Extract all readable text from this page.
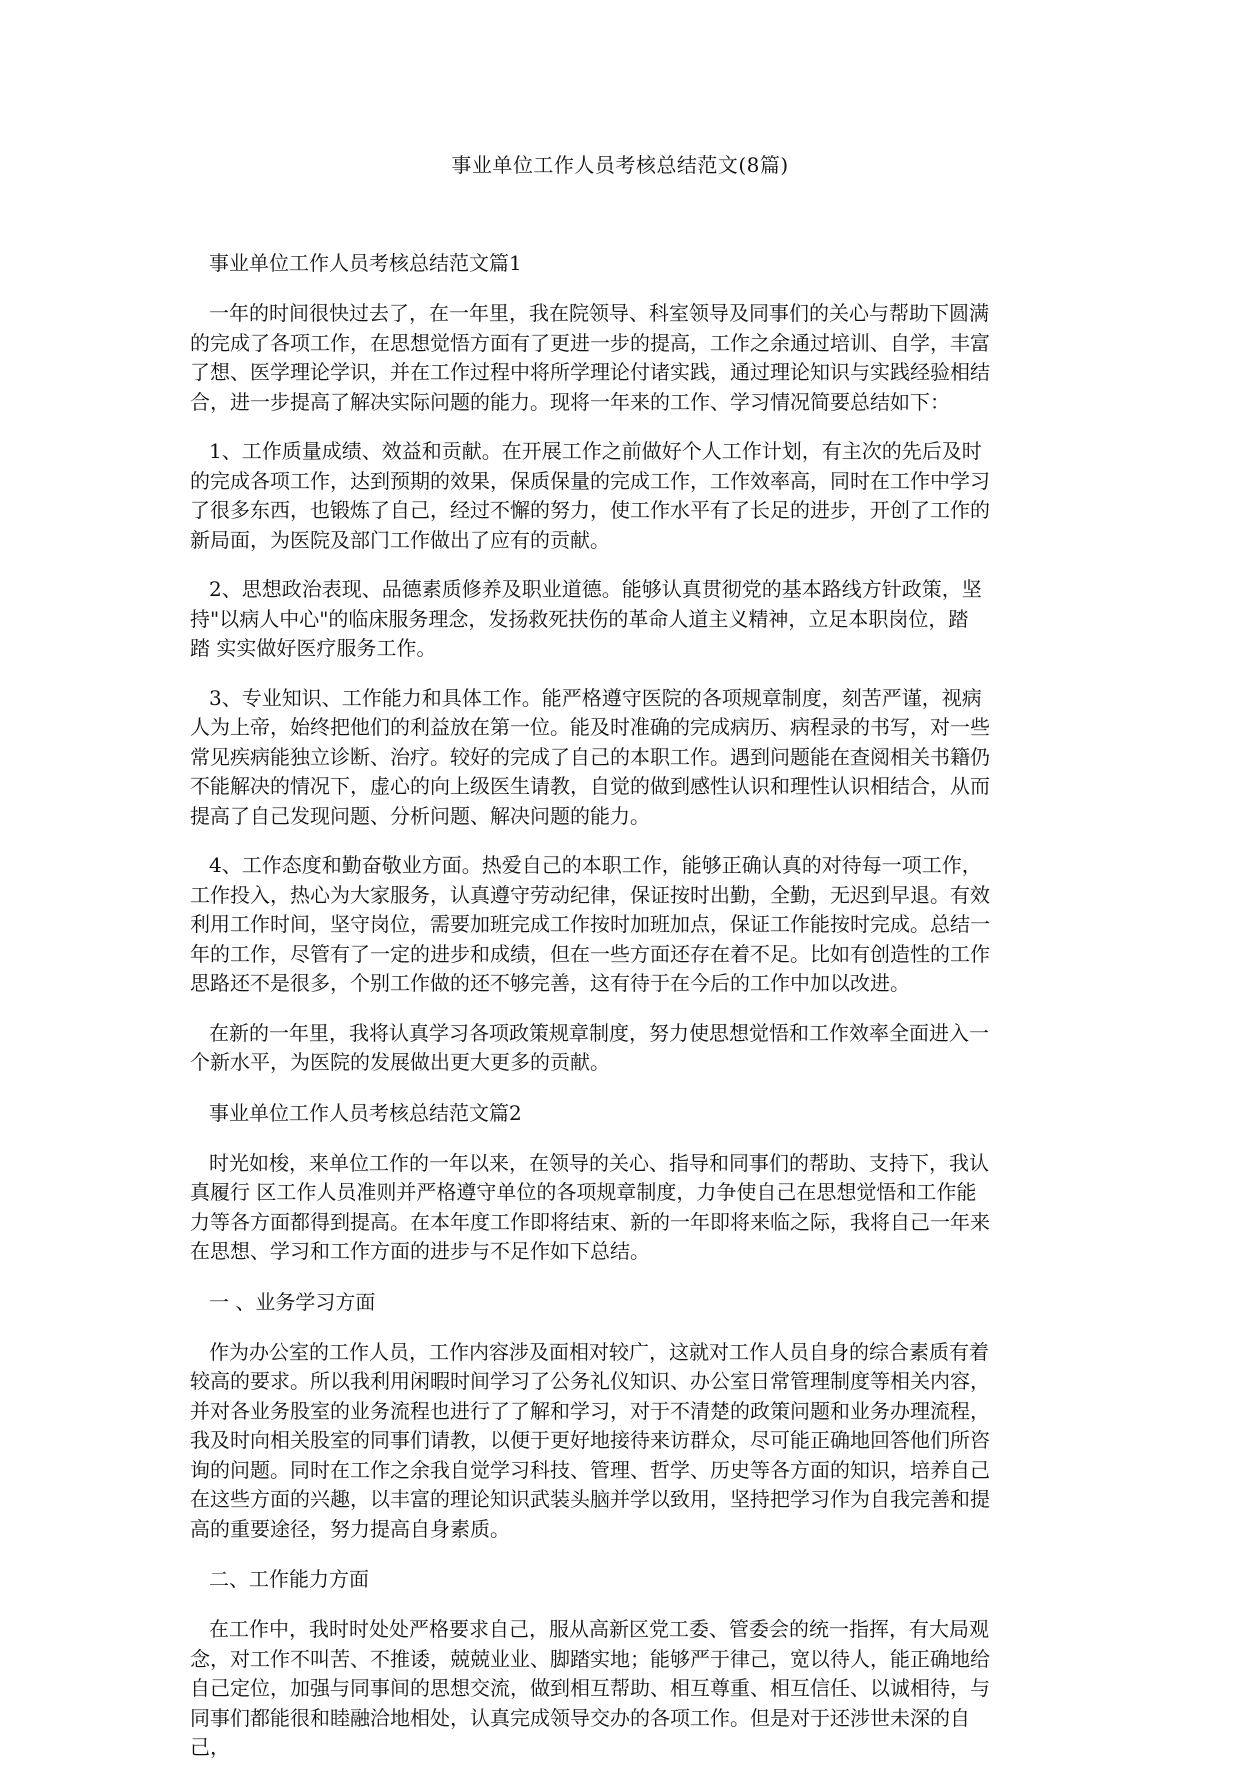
事业单位工作人员考核总结范文(8篇)
事业单位工作人员考核总结范文篇1
一年的时间很快过去了，在一年里，我在院领导、科室领导及同事们的关心与帮助下圆满
的完成了各项工作，在思想觉悟方面有了更进一步的提高，工作之余通过培训、自学，丰富
了想、医学理论学识，并在工作过程中将所学理论付诸实践，通过理论知识与实践经验相结
合，进一步提高了解决实际问题的能力。现将一年来的工作、学习情况简要总结如下：
1、工作质量成绩、效益和贡献。在开展工作之前做好个人工作计划，有主次的先后及时
的完成各项工作，达到预期的效果，保质保量的完成工作，工作效率高，同时在工作中学习
了很多东西，也锻炼了自己，经过不懈的努力，使工作水平有了长足的进步，开创了工作的
新局面，为医院及部门工作做出了应有的贡献。
2、思想政治表现、品德素质修养及职业道德。能够认真贯彻党的基本路线方针政策，坚
持"以病人中心"的临床服务理念，发扬救死扶伤的革命人道主义精神，立足本职岗位，踏
踏 实实做好医疗服务工作。
3、专业知识、工作能力和具体工作。能严格遵守医院的各项规章制度，刻苦严谨，视病
人为上帝，始终把他们的利益放在第一位。能及时准确的完成病历、病程录的书写，对一些
常见疾病能独立诊断、治疗。较好的完成了自己的本职工作。遇到问题能在查阅相关书籍仍
不能解决的情况下，虚心的向上级医生请教，自觉的做到感性认识和理性认识相结合，从而
提高了自己发现问题、分析问题、解决问题的能力。
4、工作态度和勤奋敬业方面。热爱自己的本职工作，能够正确认真的对待每一项工作，
工作投入，热心为大家服务，认真遵守劳动纪律，保证按时出勤，全勤，无迟到早退。有效
利用工作时间，坚守岗位，需要加班完成工作按时加班加点，保证工作能按时完成。总结一
年的工作，尽管有了一定的进步和成绩，但在一些方面还存在着不足。比如有创造性的工作
思路还不是很多，个别工作做的还不够完善，这有待于在今后的工作中加以改进。
在新的一年里，我将认真学习各项政策规章制度，努力使思想觉悟和工作效率全面进入一
个新水平，为医院的发展做出更大更多的贡献。
事业单位工作人员考核总结范文篇2
时光如梭，来单位工作的一年以来，在领导的关心、指导和同事们的帮助、支持下，我认
真履行 区工作人员准则并严格遵守单位的各项规章制度，力争使自己在思想觉悟和工作能
力等各方面都得到提高。在本年度工作即将结束、新的一年即将来临之际，我将自己一年来
在思想、学习和工作方面的进步与不足作如下总结。
一 、业务学习方面
作为办公室的工作人员，工作内容涉及面相对较广，这就对工作人员自身的综合素质有着
较高的要求。所以我利用闲暇时间学习了公务礼仪知识、办公室日常管理制度等相关内容，
并对各业务股室的业务流程也进行了了解和学习，对于不清楚的政策问题和业务办理流程，
我及时向相关股室的同事们请教，以便于更好地接待来访群众，尽可能正确地回答他们所咨
询的问题。同时在工作之余我自觉学习科技、管理、哲学、历史等各方面的知识，培养自己
在这些方面的兴趣，以丰富的理论知识武装头脑并学以致用，坚持把学习作为自我完善和提
高的重要途径，努力提高自身素质。
二、工作能力方面
在工作中，我时时处处严格要求自己，服从高新区党工委、管委会的统一指挥，有大局观
念，对工作不叫苦、不推诿，兢兢业业、脚踏实地；能够严于律己，宽以待人，能正确地给
自己定位，加强与同事间的思想交流，做到相互帮助、相互尊重、相互信任、以诚相待，与
同事们都能很和睦融洽地相处，认真完成领导交办的各项工作。但是对于还涉世未深的自
己，
